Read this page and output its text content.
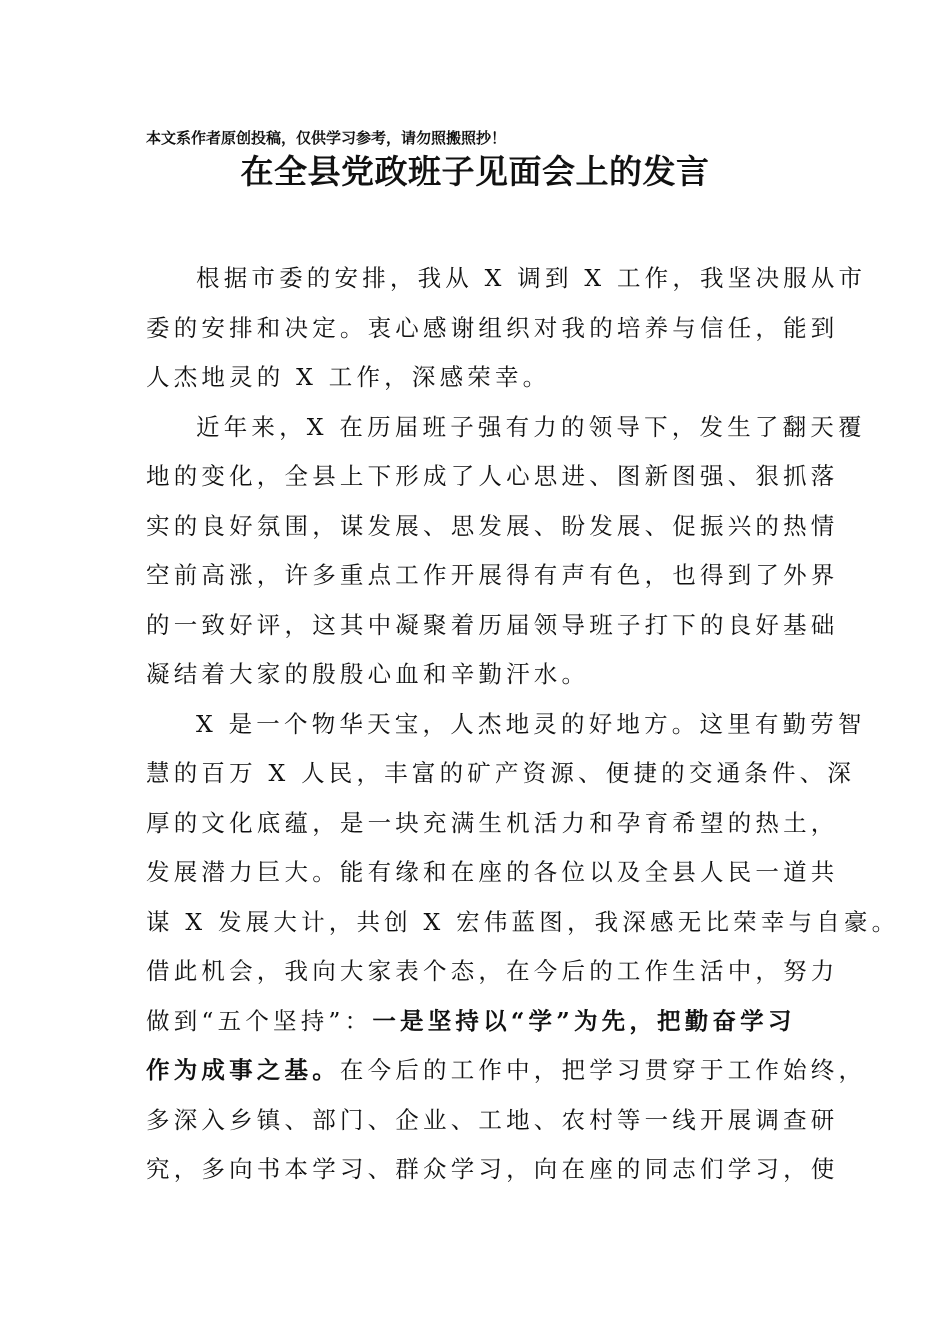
本文系作者原创投稿，仅供学习参考，请勿照搬照抄！
在全县党政班子见面会上的发言
根据市委的安排，我从 X 调到 X 工作，我坚决服从市
委的安排和决定。衷心感谢组织对我的培养与信任，能到
人杰地灵的 X 工作，深感荣幸。
近年来，X 在历届班子强有力的领导下，发生了翻天覆
地的变化，全县上下形成了人心思进、图新图强、狠抓落
实的良好氛围，谋发展、思发展、盼发展、促振兴的热情
空前高涨，许多重点工作开展得有声有色，也得到了外界
的一致好评，这其中凝聚着历届领导班子打下的良好基础
凝结着大家的殷殷心血和辛勤汗水。
X 是一个物华天宝，人杰地灵的好地方。这里有勤劳智
慧的百万 X 人民，丰富的矿产资源、便捷的交通条件、深
厚的文化底蕴，是一块充满生机活力和孕育希望的热土，
发展潜力巨大。能有缘和在座的各位以及全县人民一道共
谋 X 发展大计，共创 X 宏伟蓝图，我深感无比荣幸与自豪。
借此机会，我向大家表个态，在今后的工作生活中，努力
做到“五个坚持”：一是坚持以“学”为先，把勤奋学习
作为成事之基。在今后的工作中，把学习贯穿于工作始终，
多深入乡镇、部门、企业、工地、农村等一线开展调查研
究，多向书本学习、群众学习，向在座的同志们学习，使
